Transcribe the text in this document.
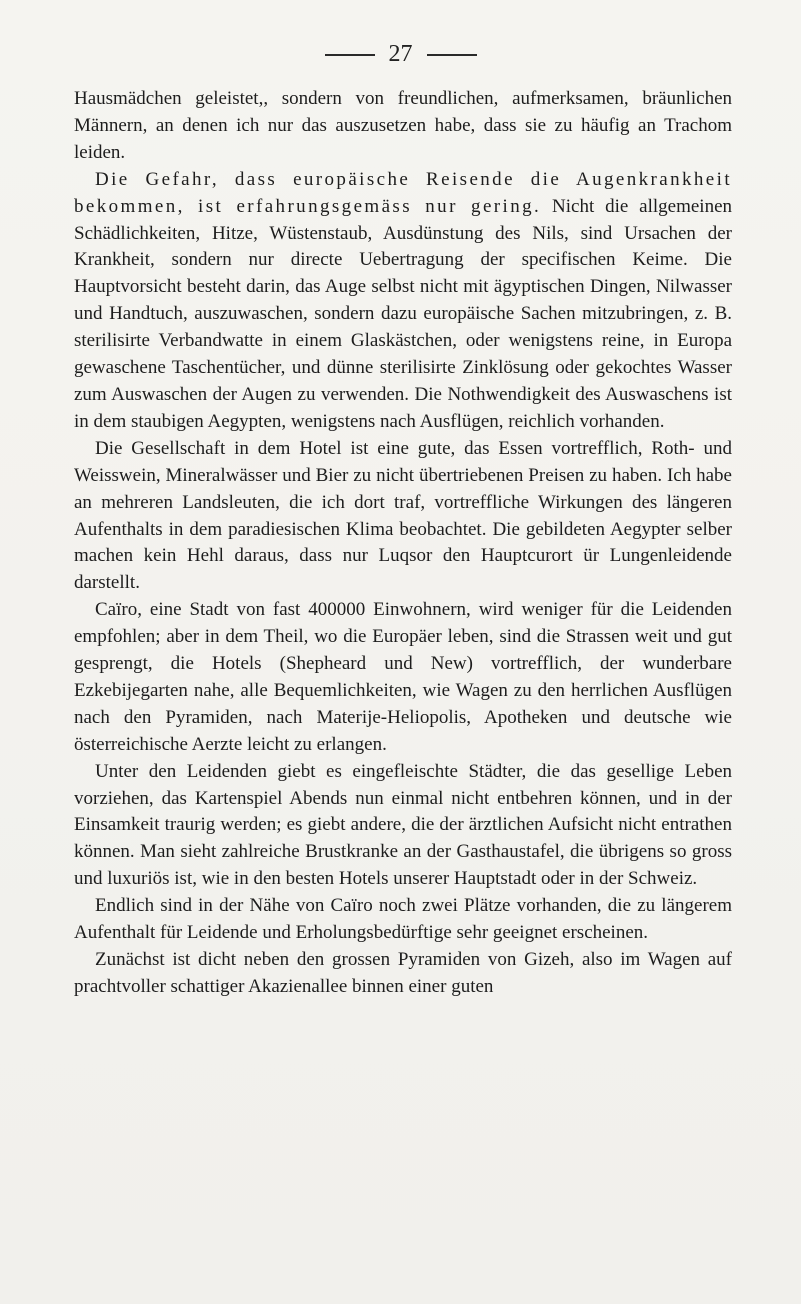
27

Hausmädchen geleistet,, sondern von freundlichen, aufmerksamen, bräunlichen Männern, an denen ich nur das auszusetzen habe, dass sie zu häufig an Trachom leiden.

Die Gefahr, dass europäische Reisende die Augenkrankheit bekommen, ist erfahrungsgemäss nur gering. Nicht die allgemeinen Schädlichkeiten, Hitze, Wüstenstaub, Ausdünstung des Nils, sind Ursachen der Krankheit, sondern nur directe Uebertragung der specifischen Keime. Die Hauptvorsicht besteht darin, das Auge selbst nicht mit ägyptischen Dingen, Nilwasser und Handtuch, auszuwaschen, sondern dazu europäische Sachen mitzubringen, z. B. sterilisirte Verbandwatte in einem Glaskästchen, oder wenigstens reine, in Europa gewaschene Taschentücher, und dünne sterilisirte Zinklösung oder gekochtes Wasser zum Auswaschen der Augen zu verwenden. Die Nothwendigkeit des Auswaschens ist in dem staubigen Aegypten, wenigstens nach Ausflügen, reichlich vorhanden.

Die Gesellschaft in dem Hotel ist eine gute, das Essen vortrefflich, Roth- und Weisswein, Mineralwässer und Bier zu nicht übertriebenen Preisen zu haben. Ich habe an mehreren Landsleuten, die ich dort traf, vortreffliche Wirkungen des längeren Aufenthalts in dem paradiesischen Klima beobachtet. Die gebildeten Aegypter selber machen kein Hehl daraus, dass nur Luqsor den Hauptcurort ür Lungenleidende darstellt.

Caïro, eine Stadt von fast 400000 Einwohnern, wird weniger für die Leidenden empfohlen; aber in dem Theil, wo die Europäer leben, sind die Strassen weit und gut gesprengt, die Hotels (Shepheard und New) vortrefflich, der wunderbare Ezkebijegarten nahe, alle Bequemlichkeiten, wie Wagen zu den herrlichen Ausflügen nach den Pyramiden, nach Materije-Heliopolis, Apotheken und deutsche wie österreichische Aerzte leicht zu erlangen.

Unter den Leidenden giebt es eingefleischte Städter, die das gesellige Leben vorziehen, das Kartenspiel Abends nun einmal nicht entbehren können, und in der Einsamkeit traurig werden; es giebt andere, die der ärztlichen Aufsicht nicht entrathen können. Man sieht zahlreiche Brustkranke an der Gasthaustafel, die übrigens so gross und luxuriös ist, wie in den besten Hotels unserer Hauptstadt oder in der Schweiz.

Endlich sind in der Nähe von Caïro noch zwei Plätze vorhanden, die zu längerem Aufenthalt für Leidende und Erholungsbedürftige sehr geeignet erscheinen.

Zunächst ist dicht neben den grossen Pyramiden von Gizeh, also im Wagen auf prachtvoller schattiger Akazienallee binnen einer guten
